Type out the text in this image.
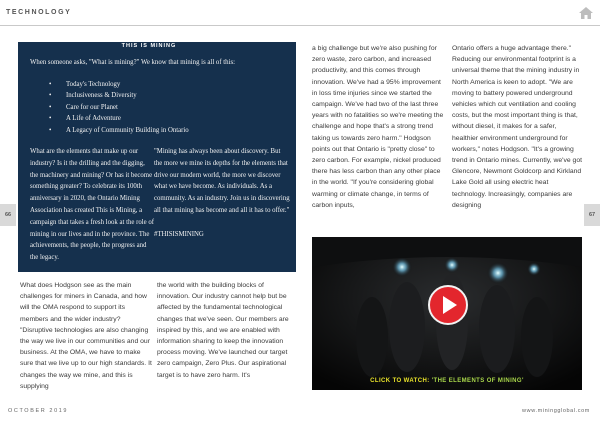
TECHNOLOGY
66	67
When someone asks, "What is mining?" We know that mining is all of this:
• Today's Technology
• Inclusiveness & Diversity
• Care for our Planet
• A Life of Adventure
• A Legacy of Community Building in Ontario

What are the elements that make up our industry? Is it the drilling and the digging, the machinery and mining? Or has it become something greater? To celebrate its 100th anniversary in 2020, the Ontario Mining Association has created This is Mining, a campaign that takes a fresh look at the role of mining in our lives and in the province. The achievements, the people, the progress and the legacy.

"Mining has always been about discovery. But the more we mine its depths for the elements that drive our modern world, the more we discover what we have become. As individuals. As a community. As an industry. Join us in discovering all that mining has become and all it has to offer."

#THISISMINING

THIS IS MINING
What does Hodgson see as the main challenges for miners in Canada, and how will the OMA respond to support its members and the wider industry? "Disruptive technologies are also changing the way we live in our communities and our business. At the OMA, we have to make sure that we live up to our high standards. It changes the way we mine, and this is supplying
the world with the building blocks of innovation. Our industry cannot help but be affected by the fundamental technological changes that we've seen. Our members are inspired by this, and we are enabled with information sharing to keep the innovation process moving. We've launched our target zero campaign, Zero Plus. Our aspirational target is to have zero harm. It's
a big challenge but we're also pushing for zero waste, zero carbon, and increased productivity, and this comes through innovation. We've had a 95% improvement in loss time injuries since we started the campaign. We've had two of the last three years with no fatalities so we're meeting the challenge and hope that's a strong trend taking us towards zero harm." Hodgson points out that Ontario is "pretty close" to zero carbon. For example, nickel produced there has less carbon than any other place in the world. "If you're considering global warming or climate change, in terms of carbon inputs,
Ontario offers a huge advantage there." Reducing our environmental footprint is a universal theme that the mining industry in North America is keen to adopt. "We are moving to battery powered underground vehicles which cut ventilation and cooling costs, but the most important thing is that, without diesel, it makes for a safer, healthier environment underground for workers," notes Hodgson. "It's a growing trend in Ontario mines. Currently, we've got Glencore, Newmont Goldcorp and Kirkland Lake Gold all using electric heat technology. Increasingly, companies are designing
CLICK TO WATCH: 'THE ELEMENTS OF MINING'
OCTOBER 2019	www.miningglobal.com
